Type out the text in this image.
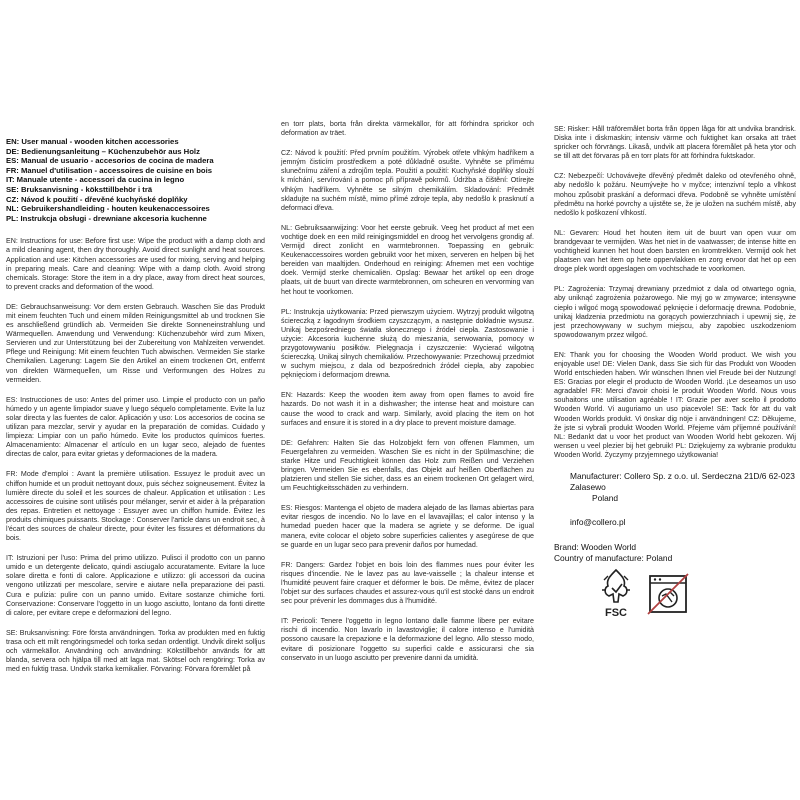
EN: User manual - wooden kitchen accessories
DE: Bedienungsanleitung – Küchenzubehör aus Holz
ES: Manual de usuario - accesorios de cocina de madera
FR: Manuel d'utilisation - accessoires de cuisine en bois
IT: Manuale utente - accessori da cucina in legno
SE: Bruksanvisning - köksttillbehör i trä
CZ: Návod k použití - dřevěné kuchyňské doplňky
NL: Gebruikershandleiding - houten keukenaccessoires
PL: Instrukcja obsługi - drewniane akcesoria kuchenne

EN: Instructions for use: Before first use: Wipe the product with a damp cloth and a mild cleaning agent, then dry thoroughly. Avoid direct sunlight and heat sources. Application and use: Kitchen accessories are used for mixing, serving and helping in preparing meals. Care and cleaning: Wipe with a damp cloth. Avoid strong chemicals. Storage: Store the item in a dry place, away from direct heat sources, to prevent cracks and deformation of the wood.

DE: Gebrauchsanweisung: Vor dem ersten Gebrauch. Waschen Sie das Produkt mit einem feuchten Tuch und einem milden Reinigungsmittel ab und trocknen Sie es anschließend gründlich ab. Vermeiden Sie direkte Sonneneinstrahlung und Wärmequellen. Anwendung und Verwendung: Küchenzubehör wird zum Mixen, Servieren und zur Unterstützung bei der Zubereitung von Mahlzeiten verwendet. Pflege und Reinigung: Mit einem feuchten Tuch abwischen. Vermeiden Sie starke Chemikalien. Lagerung: Lagern Sie den Artikel an einem trockenen Ort, entfernt von direkten Wärmequellen, um Risse und Verformungen des Holzes zu vermeiden.

ES: Instrucciones de uso: Antes del primer uso. Limpie el producto con un paño húmedo y un agente limpiador suave y luego séquelo completamente. Evite la luz solar directa y las fuentes de calor. Aplicación y uso: Los accesorios de cocina se utilizan para mezclar, servir y ayudar en la preparación de comidas. Cuidado y limpieza: Limpiar con un paño húmedo. Evite los productos químicos fuertes. Almacenamiento: Almacenar el artículo en un lugar seco, alejado de fuentes directas de calor, para evitar grietas y deformaciones de la madera.

FR: Mode d'emploi : Avant la première utilisation. Essuyez le produit avec un chiffon humide et un produit nettoyant doux, puis séchez soigneusement. Évitez la lumière directe du soleil et les sources de chaleur. Application et utilisation : Les accessoires de cuisine sont utilisés pour mélanger, servir et aider à la préparation des repas. Entretien et nettoyage : Essuyer avec un chiffon humide. Évitez les produits chimiques puissants. Stockage : Conserver l'article dans un endroit sec, à l'écart des sources de chaleur directe, pour éviter les fissures et déformations du bois.

IT: Istruzioni per l'uso: Prima del primo utilizzo. Pulisci il prodotto con un panno umido e un detergente delicato, quindi asciugalo accuratamente. Evitare la luce solare diretta e fonti di calore. Applicazione e utilizzo: gli accessori da cucina vengono utilizzati per mescolare, servire e aiutare nella preparazione dei pasti. Cura e pulizia: pulire con un panno umido. Evitare sostanze chimiche forti. Conservazione: Conservare l'oggetto in un luogo asciutto, lontano da fonti dirette di calore, per evitare crepe e deformazioni del legno.

SE: Bruksanvisning: Före första användningen. Torka av produkten med en fuktig trasa och ett milt rengöringsmedel och torka sedan ordentligt. Undvik direkt solljus och värmekällor. Användning och användning: Kökstillbehör används för att blanda, servera och hjälpa till med att laga mat. Skötsel och rengöring: Torka av med en fuktig trasa. Undvik starka kemikalier. Förvaring: Förvara föremålet på

en torr plats, borta från direkta värmekällor, för att förhindra sprickor och deformation av träet.

CZ: Návod k použití: Před prvním použitím. Výrobek otřete vlhkým hadříkem a jemným čisticím prostředkem a poté důkladně osušte. Vyhněte se přímému slunečnímu záření a zdrojům tepla. Použití a použití: Kuchyňské doplňky slouží k míchání, servírování a pomoc při přípravě pokrmů. Údržba a čištění: Otírejte vlhkým hadříkem. Vyhněte se silným chemikáliím. Skladování: Předmět skladujte na suchém místě, mimo přímé zdroje tepla, aby nedošlo k prasknutí a deformaci dřeva.

NL: Gebruiksaanwijzing: Voor het eerste gebruik. Veeg het product af met een vochtige doek en een mild reinigingsmiddel en droog het vervolgens grondig af. Vermijd direct zonlicht en warmtebronnen. Toepassing en gebruik: Keukenaccessoires worden gebruikt voor het mixen, serveren en helpen bij het bereiden van maaltijden. Onderhoud en reiniging: Afnemen met een vochtige doek. Vermijd sterke chemicaliën. Opslag: Bewaar het artikel op een droge plaats, uit de buurt van directe warmtebronnen, om scheuren en vervorming van het hout te voorkomen.

PL: Instrukcja użytkowania: Przed pierwszym użyciem. Wytrzyj produkt wilgotną ściereczką z łagodnym środkiem czyszczącym, a następnie dokładnie wysusz. Unikaj bezpośredniego światła słonecznego i źródeł ciepła. Zastosowanie i użycie: Akcesoria kuchenne służą do mieszania, serwowania, pomocy w przygotowywaniu posiłków. Pielęgnacja i czyszczenie: Wycierać wilgotną ściereczką. Unikaj silnych chemikaliów. Przechowywanie: Przechowuj przedmiot w suchym miejscu, z dala od bezpośrednich źródeł ciepła, aby zapobiec pęknięciom i deformacjom drewna.

EN: Hazards: Keep the wooden item away from open flames to avoid fire hazards. Do not wash it in a dishwasher; the intense heat and moisture can cause the wood to crack and warp. Similarly, avoid placing the item on hot surfaces and ensure it is stored in a dry place to prevent moisture damage.

DE: Gefahren: Halten Sie das Holzobjekt fern von offenen Flammen, um Feuergefahren zu vermeiden. Waschen Sie es nicht in der Spülmaschine; die starke Hitze und Feuchtigkeit können das Holz zum Reißen und Verziehen bringen. Vermeiden Sie es ebenfalls, das Objekt auf heißen Oberflächen zu platzieren und stellen Sie sicher, dass es an einem trockenen Ort gelagert wird, um Feuchtigkeitsschäden zu verhindern.

ES: Riesgos: Mantenga el objeto de madera alejado de las llamas abiertas para evitar riesgos de incendio. No lo lave en el lavavajillas; el calor intenso y la humedad pueden hacer que la madera se agriete y se deforme. De igual manera, evite colocar el objeto sobre superficies calientes y asegúrese de que se guarde en un lugar seco para prevenir daños por humedad.

FR: Dangers: Gardez l'objet en bois loin des flammes nues pour éviter les risques d'incendie. Ne le lavez pas au lave-vaisselle ; la chaleur intense et l'humidité peuvent faire craquer et déformer le bois. De même, évitez de placer l'objet sur des surfaces chaudes et assurez-vous qu'il est stocké dans un endroit sec pour prévenir les dommages dus à l'humidité.

IT: Pericoli: Tenere l'oggetto in legno lontano dalle fiamme libere per evitare rischi di incendio. Non lavarlo in lavastoviglie; il calore intenso e l'umidità possono causare la crepazione e la deformazione del legno. Allo stesso modo, evitare di posizionare l'oggetto su superfici calde e assicurarsi che sia conservato in un luogo asciutto per prevenire danni da umidità.

SE: Risker: Håll träföremålet borta från öppen låga för att undvika brandrisk. Diska inte i diskmaskin; intensiv värme och fuktighet kan orsaka att träet spricker och förvrängs. Likaså, undvik att placera föremålet på heta ytor och se till att det förvaras på en torr plats för att förhindra fuktskador.

CZ: Nebezpečí: Uchovávejte dřevěný předmět daleko od otevřeného ohně, aby nedošlo k požáru. Neumývejte ho v myčce; intenzivní teplo a vlhkost mohou způsobit praskání a deformaci dřeva. Podobně se vyhněte umístění předmětu na horké povrchy a ujistěte se, že je uložen na suchém místě, aby nedošlo k poškození vlhkostí.

NL: Gevaren: Houd het houten item uit de buurt van open vuur om brandgevaar te vermijden. Was het niet in de vaatwasser; de intense hitte en vochtigheid kunnen het hout doen barsten en kromtrekken. Vermijd ook het plaatsen van het item op hete oppervlakken en zorg ervoor dat het op een droge plek wordt opgeslagen om vochtschade te voorkomen.

PL: Zagrożenia: Trzymaj drewniany przedmiot z dala od otwartego ognia, aby uniknąć zagrożenia pożarowego. Nie myj go w zmywarce; intensywne ciepło i wilgoć mogą spowodować pęknięcie i deformację drewna. Podobnie, unikaj kładzenia przedmiotu na gorących powierzchniach i upewnij się, że jest przechowywany w suchym miejscu, aby zapobiec uszkodzeniom spowodowanym przez wilgoć.

EN: Thank you for choosing the Wooden World product. We wish you enjoyable use! DE: Vielen Dank, dass Sie sich für das Produkt von Wooden World entschieden haben. Wir wünschen Ihnen viel Freude bei der Nutzung! ES: Gracias por elegir el producto de Wooden World. ¡Le deseamos un uso agradable! FR: Merci d'avoir choisi le produit Wooden World. Nous vous souhaitons une utilisation agréable ! IT: Grazie per aver scelto il prodotto Wooden World. Vi auguriamo un uso piacevole! SE: Tack för att du valt Wooden Worlds produkt. Vi önskar dig nöje i användningen! CZ: Děkujeme, že jste si vybrali produkt Wooden World. Přejeme vám příjemné používání! NL: Bedankt dat u voor het product van Wooden World hebt gekozen. Wij wensen u veel plezier bij het gebruik! PL: Dziękujemy za wybranie produktu Wooden World. Życzymy przyjemnego użytkowania!

Manufacturer: Collero Sp. z o.o. ul. Serdeczna 21D/6 62-023 Zalasewo
Poland
info@collero.pl
Brand: Wooden World
Country of manufacture: Poland
FSC
